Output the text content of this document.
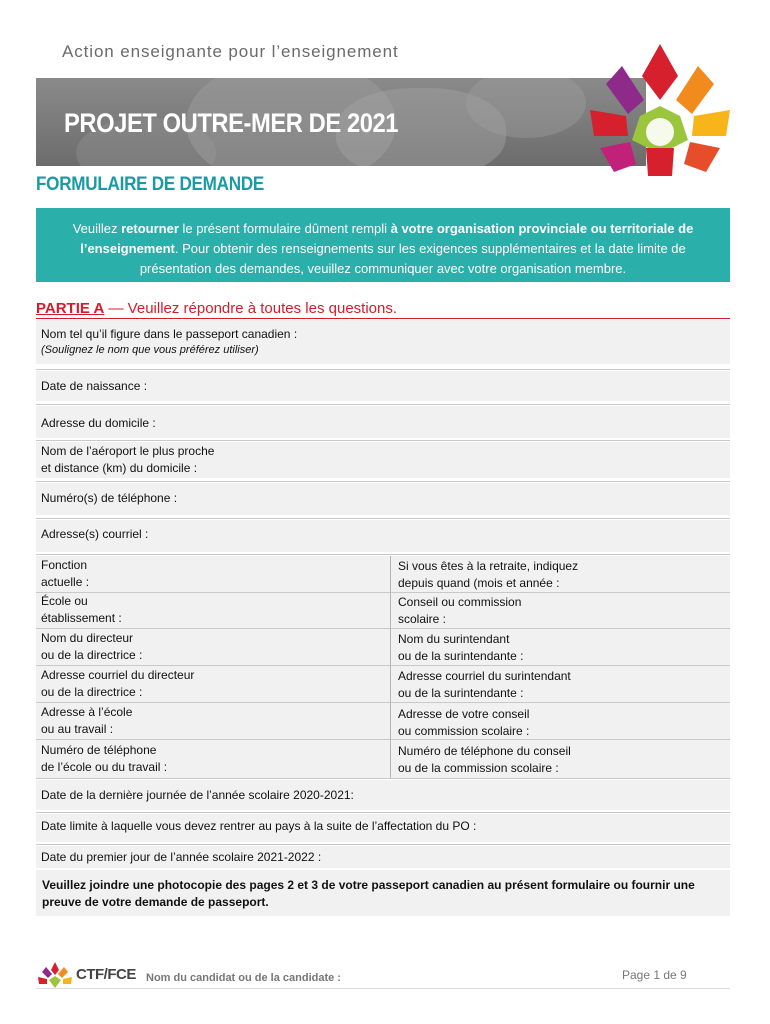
Action enseignante pour l’enseignement
PROJET OUTRE-MER DE 2021
FORMULAIRE DE DEMANDE
Veuillez retourner le présent formulaire dûment rempli à votre organisation provinciale ou territoriale de l’enseignement. Pour obtenir des renseignements sur les exigences supplémentaires et la date limite de présentation des demandes, veuillez communiquer avec votre organisation membre.
PARTIE A — Veuillez répondre à toutes les questions.
Nom tel qu’il figure dans le passeport canadien :
(Soulignez le nom que vous préférez utiliser)
Date de naissance :
Adresse du domicile :
Nom de l’aéroport le plus proche
et distance (km) du domicile :
Numéro(s) de téléphone :
Adresse(s) courriel :
Fonction
actuelle :
École ou
établissement :
Nom du directeur
ou de la directrice :
Adresse courriel du directeur
ou de la directrice :
Adresse à l’école
ou au travail :
Numéro de téléphone
de l’école ou du travail :
Si vous êtes à la retraite, indiquez
depuis quand (mois et année :
Conseil ou commission
scolaire :
Nom du surintendant
ou de la surintendante :
Adresse courriel du surintendant
ou de la surintendante :
Adresse de votre conseil
ou commission scolaire :
Numéro de téléphone du conseil
ou de la commission scolaire :
Date de la dernière journée de l’année scolaire 2020-2021:
Date limite à laquelle vous devez rentrer au pays à la suite de l’affectation du PO :
Date du premier jour de l’année scolaire 2021-2022 :
Veuillez joindre une photocopie des pages 2 et 3 de votre passeport canadien au présent formulaire ou fournir une preuve de votre demande de passeport.
CTF/FCE Nom du candidat ou de la candidate :	Page 1 de 9
